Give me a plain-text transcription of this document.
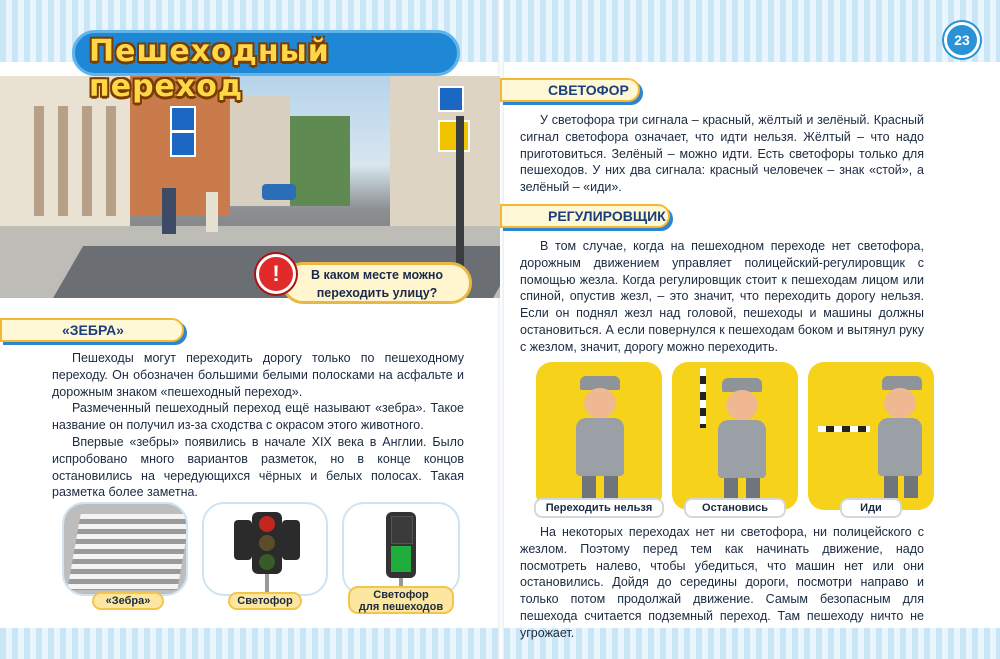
Пешеходный переход
23
В каком месте можно
переходить улицу?
!
«ЗЕБРА»

Пешеходы могут переходить дорогу только по пешеходному переходу. Он обозначен большими белыми полосками на асфальте и дорожным знаком «пешеходный переход».

Размеченный пешеходный переход ещё называют «зебра». Такое название он получил из-за сходства с окрасом этого животного.

Впервые «зебры» появились в начале XIX века в Англии. Было испробовано много вариантов разметок, но в конце концов остановились на чередующихся чёрных и белых полосах. Такая разметка более заметна.

«Зебра»	Светофор	Светофор
для пешеходов
СВЕТОФОР

У светофора три сигнала – красный, жёлтый и зелёный. Красный сигнал светофора означает, что идти нельзя. Жёлтый – что надо приготовиться. Зелёный – можно идти. Есть светофоры только для пешеходов. У них два сигнала: красный человечек – знак «стой», а зелёный – «иди».

РЕГУЛИРОВЩИК

В том случае, когда на пешеходном переходе нет светофора, дорожным движением управляет полицейский-регулировщик с помощью жезла. Когда регулировщик стоит к пешеходам лицом или спиной, опустив жезл, – это значит, что переходить дорогу нельзя. Если он поднял жезл над головой, пешеходы и машины должны остановиться. А если повернулся к пешеходам боком и вытянул руку с жезлом, значит, дорогу можно переходить.

Переходить нельзя	Остановись	Иди

На некоторых переходах нет ни светофора, ни полицейского с жезлом. Поэтому перед тем как начинать движение, надо посмотреть налево, чтобы убедиться, что машин нет или они остановились. Дойдя до середины дороги, посмотри направо и только потом продолжай движение. Самым безопасным для пешехода считается подземный переход. Там пешеходу ничто не угрожает.
